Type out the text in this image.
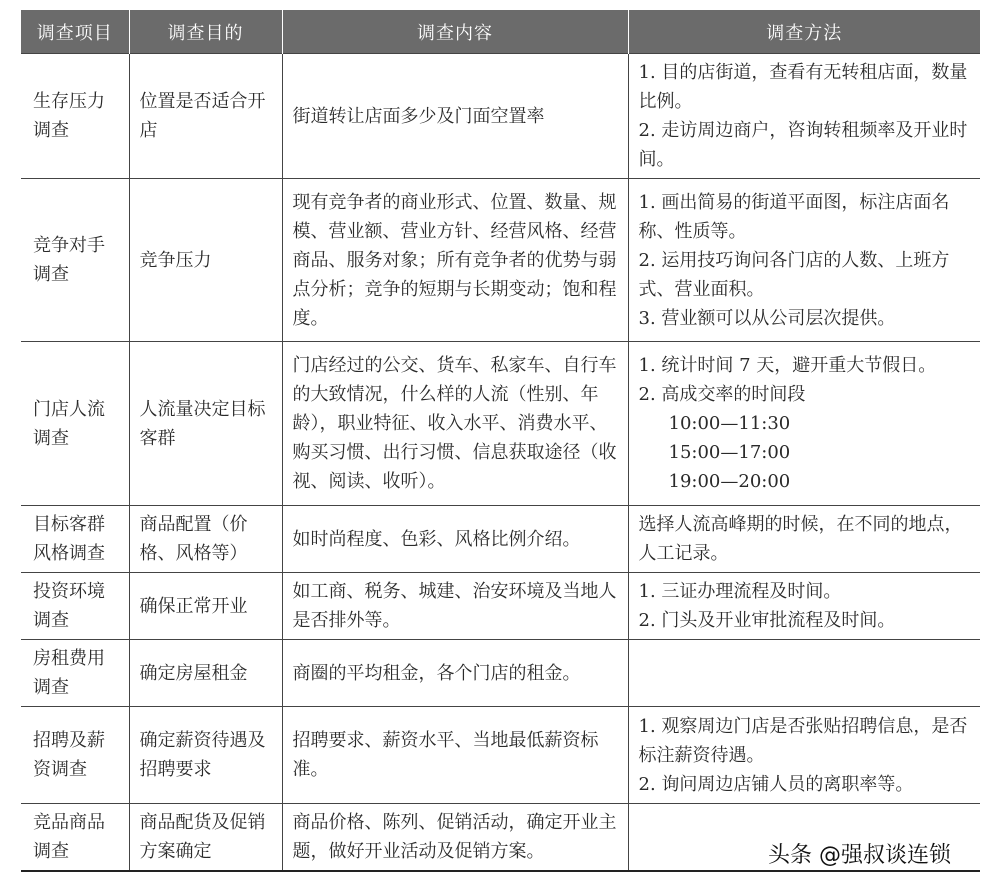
调查项目	调查目的	调查内容	调查方法
生存压力调查	位置是否适合开店	街道转让店面多少及门面空置率	1. 目的店街道，查看有无转租店面，数量比例。
2. 走访周边商户，咨询转租频率及开业时间。

竞争对手调查	竞争压力	现有竞争者的商业形式、位置、数量、规模、营业额、营业方针、经营风格、经营商品、服务对象；所有竞争者的优势与弱点分析；竞争的短期与长期变动；饱和程度。	1. 画出简易的街道平面图，标注店面名称、性质等。
2. 运用技巧询问各门店的人数、上班方式、营业面积。
3. 营业额可以从公司层次提供。

门店人流调查	人流量决定目标客群	门店经过的公交、货车、私家车、自行车的大致情况，什么样的人流（性别、年龄），职业特征、收入水平、消费水平、购买习惯、出行习惯、信息获取途径（收视、阅读、收听）。	1. 统计时间 7 天，避开重大节假日。
2. 高成交率的时间段
10:00—11:30
15:00—17:00
19:00—20:00

目标客群风格调查	商品配置（价格、风格等）	如时尚程度、色彩、风格比例介绍。	选择人流高峰期的时候，在不同的地点，人工记录。

投资环境调查	确保正常开业	如工商、税务、城建、治安环境及当地人是否排外等。	1. 三证办理流程及时间。
2. 门头及开业审批流程及时间。

房租费用调查	确定房屋租金	商圈的平均租金，各个门店的租金。	
招聘及薪资调查	确定薪资待遇及招聘要求	招聘要求、薪资水平、当地最低薪资标准。	1. 观察周边门店是否张贴招聘信息，是否标注薪资待遇。
2. 询问周边店铺人员的离职率等。

竞品商品调查	商品配货及促销方案确定	商品价格、陈列、促销活动，确定开业主题，做好开业活动及促销方案。		头条 @强叔谈连锁
